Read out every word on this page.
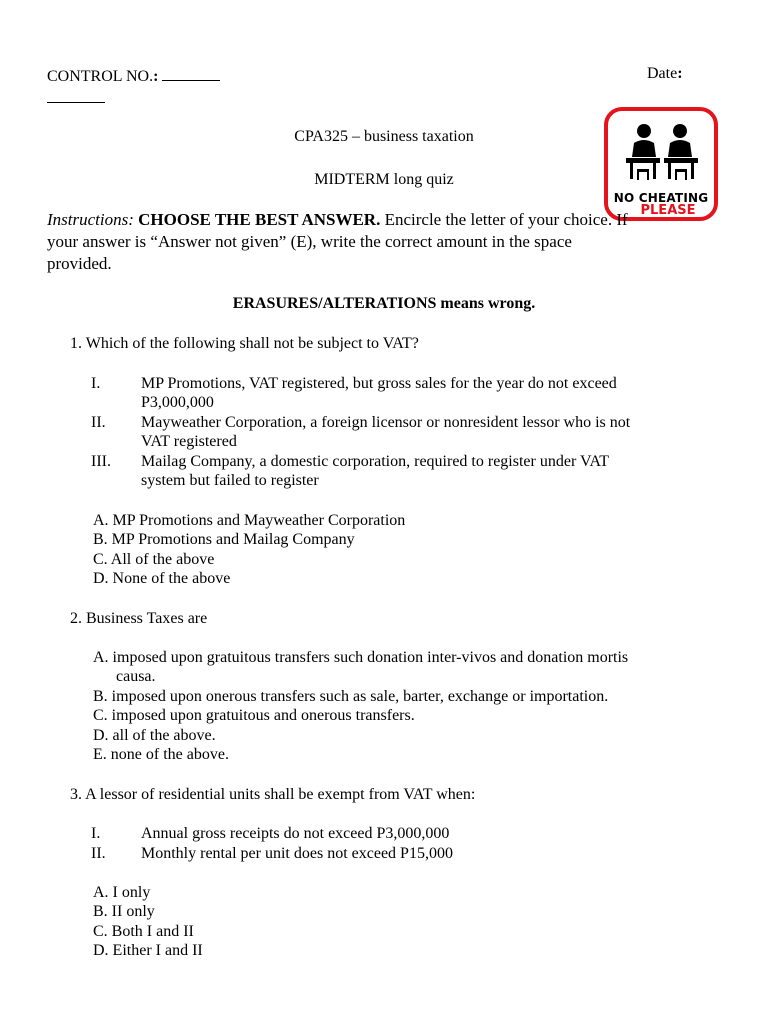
CONTROL NO.:	Date:
CPA325 – business taxation
MIDTERM long quiz
NO CHEATING
PLEASE
Instructions: CHOOSE THE BEST ANSWER. Encircle the letter of your choice. If
your answer is “Answer not given” (E), write the correct amount in the space
provided.
ERASURES/ALTERATIONS means wrong.
1. Which of the following shall not be subject to VAT?
I.	MP Promotions, VAT registered, but gross sales for the year do not exceed
P3,000,000
II. Mayweather Corporation, a foreign licensor or nonresident lessor who is not
VAT registered
III. Mailag Company, a domestic corporation, required to register under VAT
system but failed to register
A. MP Promotions and Mayweather Corporation
B. MP Promotions and Mailag Company
C. All of the above
D. None of the above
2. Business Taxes are
A. imposed upon gratuitous transfers such donation inter-vivos and donation mortis
causa.
B. imposed upon onerous transfers such as sale, barter, exchange or importation.
C. imposed upon gratuitous and onerous transfers.
D. all of the above.
E. none of the above.
3. A lessor of residential units shall be exempt from VAT when:
I.	Annual gross receipts do not exceed P3,000,000
II. Monthly rental per unit does not exceed P15,000
A. I only
B. II only
C. Both I and II
D. Either I and II
